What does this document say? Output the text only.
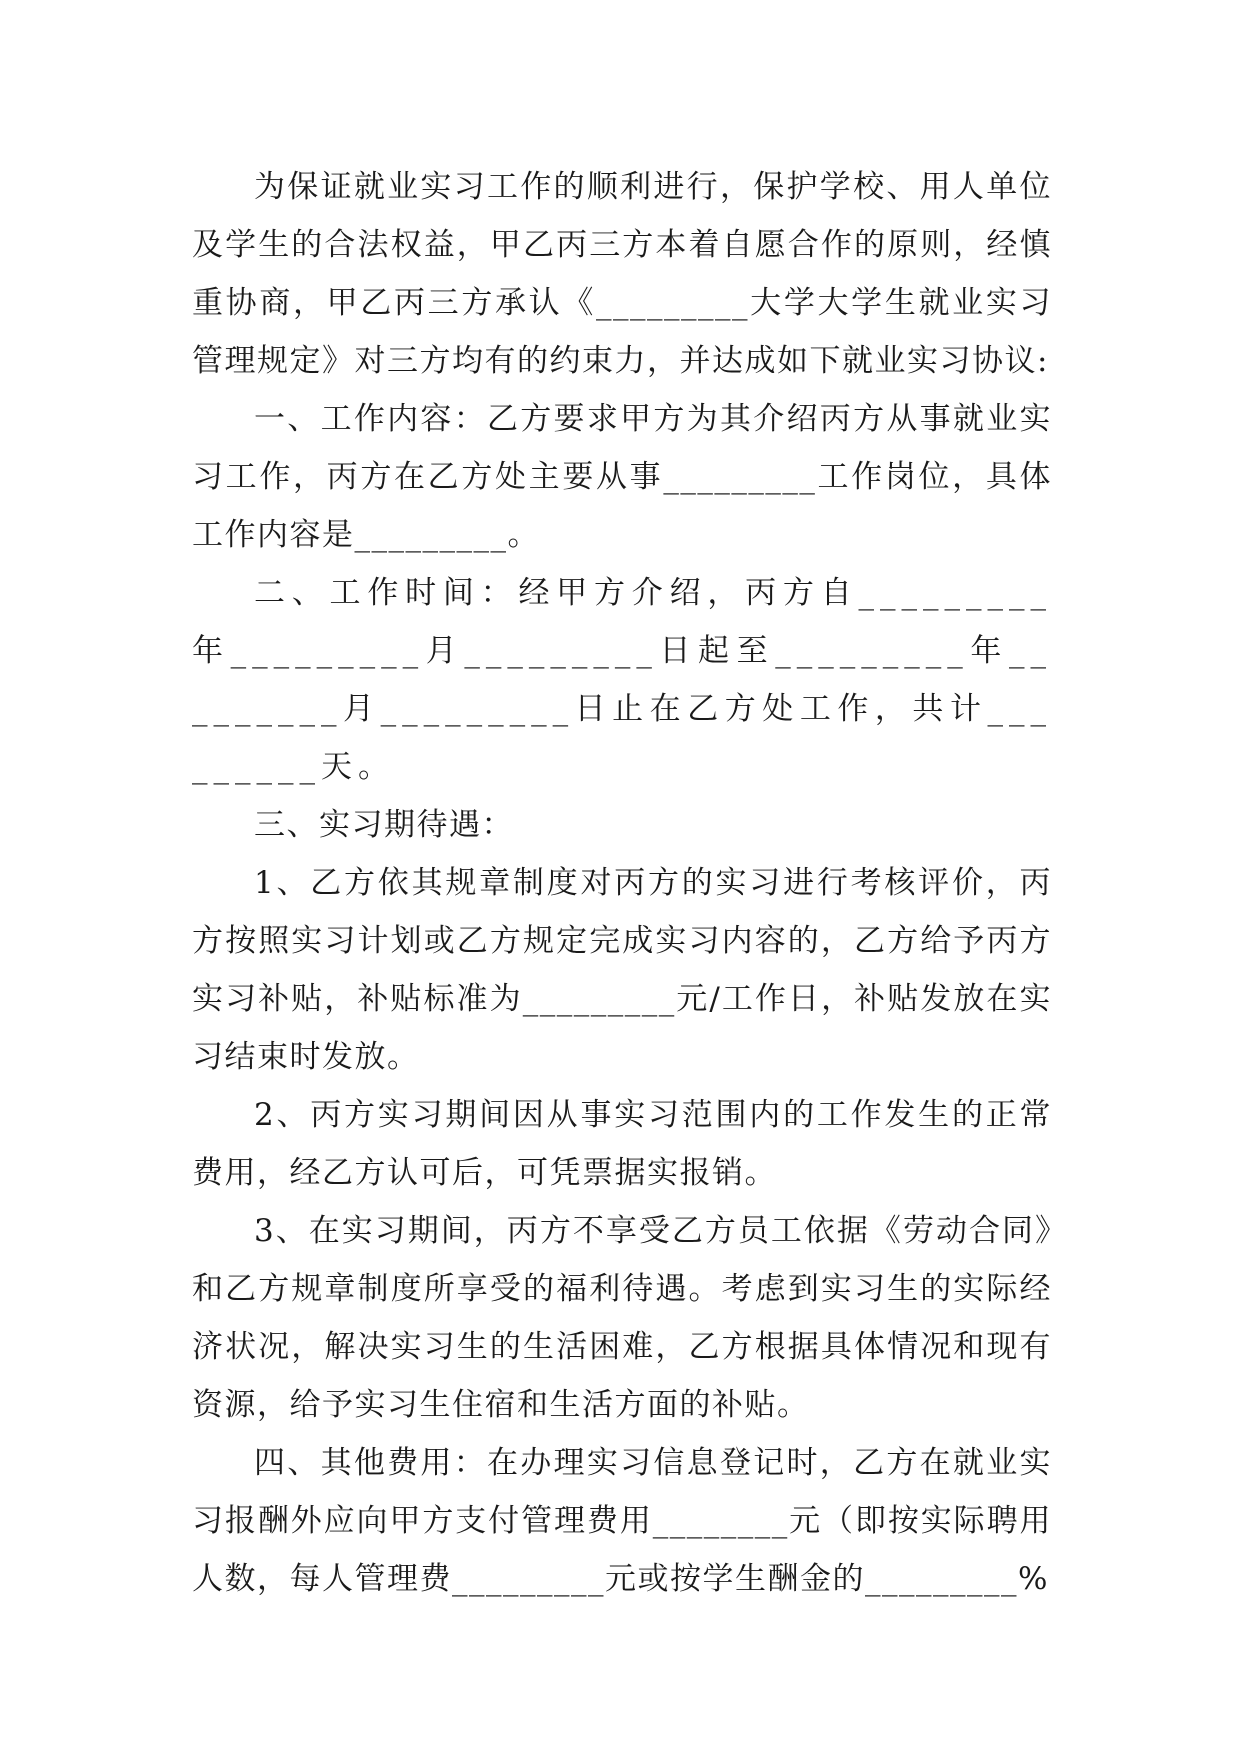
为保证就业实习工作的顺利进行，保护学校、用人单位及学生的合法权益，甲乙丙三方本着自愿合作的原则，经慎重协商，甲乙丙三方承认《_________大学大学生就业实习管理规定》对三方均有的约束力，并达成如下就业实习协议:

一、工作内容：乙方要求甲方为其介绍丙方从事就业实习工作，丙方在乙方处主要从事_________工作岗位，具体工作内容是_________。

二、工作时间：经甲方介绍，丙方自_________年_________月_________日起至_________年_________月_________日止在乙方处工作，共计_________天。

三、实习期待遇：

1、乙方依其规章制度对丙方的实习进行考核评价，丙方按照实习计划或乙方规定完成实习内容的，乙方给予丙方实习补贴，补贴标准为_________元/工作日，补贴发放在实习结束时发放。

2、丙方实习期间因从事实习范围内的工作发生的正常费用，经乙方认可后，可凭票据实报销。

3、在实习期间，丙方不享受乙方员工依据《劳动合同》和乙方规章制度所享受的福利待遇。考虑到实习生的实际经济状况，解决实习生的生活困难，乙方根据具体情况和现有资源，给予实习生住宿和生活方面的补贴。

四、其他费用：在办理实习信息登记时，乙方在就业实习报酬外应向甲方支付管理费用________元（即按实际聘用人数，每人管理费_________元或按学生酬金的_________%
